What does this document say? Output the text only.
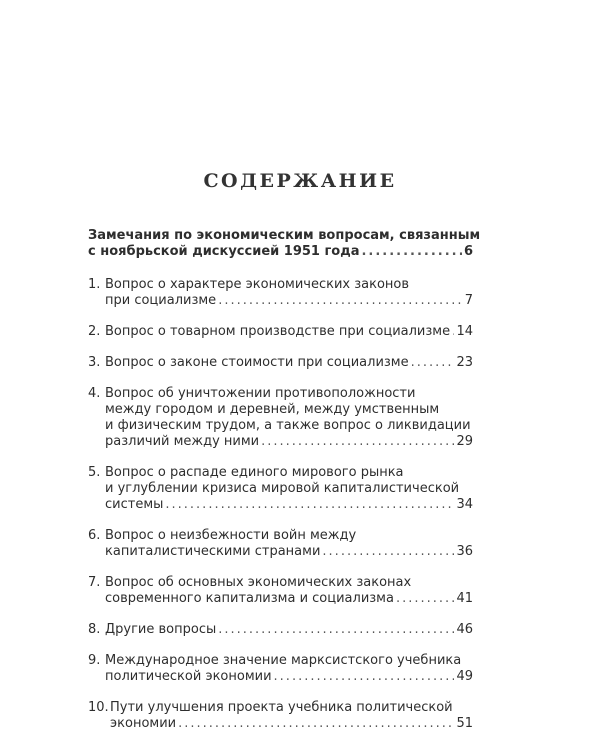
СОДЕРЖАНИЕ
Замечания по экономическим вопросам, связанным
с ноябрьской дискуссией 1951 года .....	6
1. Вопрос о характере экономических законов
при социализме .....	7
2. Вопрос о товарном производстве при социализме ..... 14
3. Вопрос о законе стоимости при социализме .....	23
4. Вопрос об уничтожении противоположности
между городом и деревней, между умственным
и физическим трудом, а также вопрос о ликвидации
различий между ними .....	29
5. Вопрос о распаде единого мирового рынка
и углублении кризиса мировой капиталистической
системы .....	34
6. Вопрос о неизбежности войн между
капиталистическими странами .....	36
7. Вопрос об основных экономических законах
современного капитализма и социализма .....	41
8. Другие вопросы .....	46
9. Международное значение марксистского учебника
политической экономии .....	49
10. Пути улучшения проекта учебника политической
экономии .....	51
